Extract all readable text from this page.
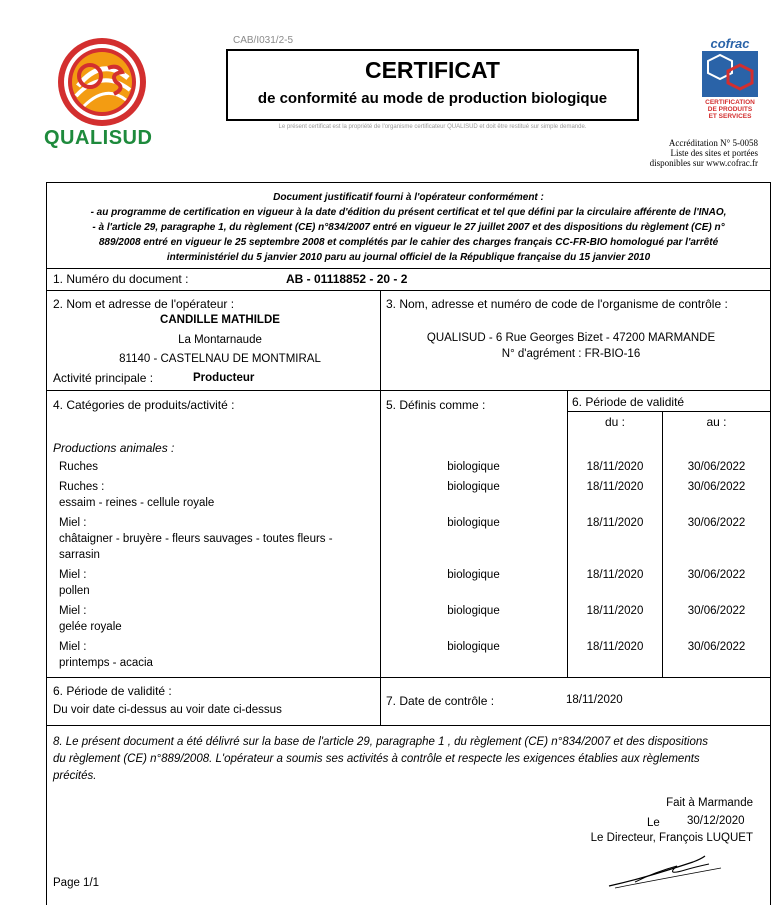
QUALISUD
CAB/I031/2-5
CERTIFICAT
de conformité au mode de production biologique
Le présent certificat est la propriété de l'organisme certificateur QUALISUD et doit être restitué sur simple demande.
cofrac
CERTIFICATION
DE PRODUITS
ET SERVICES
Accréditation N° 5-0058
Liste des sites et portées
disponibles sur www.cofrac.fr
Document justificatif fourni à l'opérateur conformément :
- au programme de certification en vigueur à la date d'édition du présent certificat et tel que défini par la circulaire afférente de l'INAO,
- à l'article 29, paragraphe 1, du règlement (CE) n°834/2007 entré en vigueur le 27 juillet 2007 et des dispositions du règlement (CE) n°
889/2008 entré en vigueur le 25 septembre 2008 et complétés par le cahier des charges français CC-FR-BIO homologué par l'arrêté
interministériel du 5 janvier 2010 paru au journal officiel de la République française du 15 janvier 2010
1. Numéro du document :	AB - 01118852 - 20 - 2
2. Nom et adresse de l'opérateur :
CANDILLE MATHILDE
La Montarnaude
81140 - CASTELNAU DE MONTMIRAL
Activité principale :	Producteur
3. Nom, adresse et numéro de code de l'organisme de contrôle :
QUALISUD - 6 Rue Georges Bizet - 47200 MARMANDE
N° d'agrément : FR-BIO-16
4. Catégories de produits/activité :	5. Définis comme :	6. Période de validité
du :	au :
Productions animales :
Ruches	biologique	18/11/2020	30/06/2022
Ruches :
essaim - reines - cellule royale
biologique	18/11/2020	30/06/2022
Miel :
châtaigner - bruyère - fleurs sauvages - toutes fleurs -
sarrasin
biologique	18/11/2020	30/06/2022
Miel :
pollen
biologique	18/11/2020	30/06/2022
Miel :
gelée royale
biologique	18/11/2020	30/06/2022
Miel :
printemps - acacia
biologique	18/11/2020	30/06/2022
6. Période de validité :
Du voir date ci-dessus au voir date ci-dessus
7. Date de contrôle :	18/11/2020
8. Le présent document a été délivré sur la base de l'article 29, paragraphe 1 , du règlement (CE) n°834/2007 et des dispositions
du règlement (CE) n°889/2008. L'opérateur a soumis ses activités à contrôle et respecte les exigences établies aux règlements
précités.
Fait à Marmande
Le 30/12/2020
Le Directeur, François LUQUET
Page 1/1
